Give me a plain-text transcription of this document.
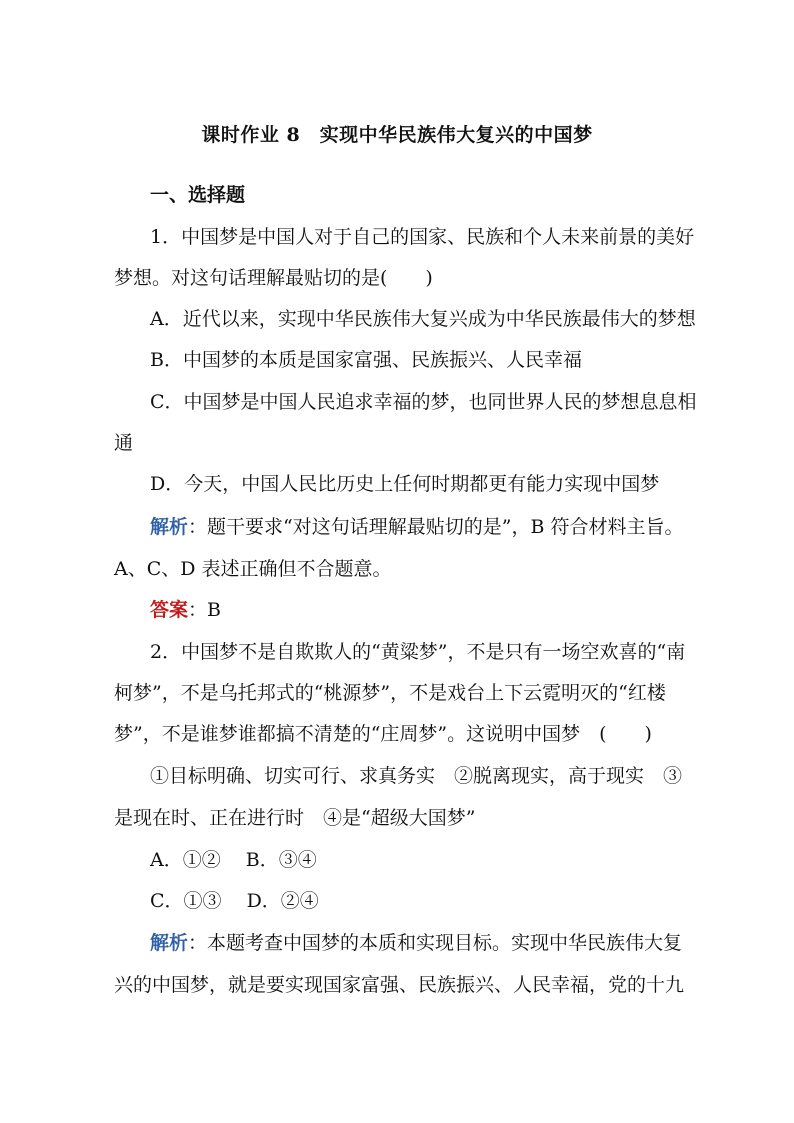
课时作业 8　实现中华民族伟大复兴的中国梦
一、选择题
1．中国梦是中国人对于自己的国家、民族和个人未来前景的美好
梦想。对这句话理解最贴切的是(　　)
A．近代以来，实现中华民族伟大复兴成为中华民族最伟大的梦想
B．中国梦的本质是国家富强、民族振兴、人民幸福
C．中国梦是中国人民追求幸福的梦，也同世界人民的梦想息息相
通
D．今天，中国人民比历史上任何时期都更有能力实现中国梦
解析：题干要求“对这句话理解最贴切的是”，B 符合材料主旨。
A、C、D 表述正确但不合题意。
答案：B
2．中国梦不是自欺欺人的“黄粱梦”，不是只有一场空欢喜的“南
柯梦”，不是乌托邦式的“桃源梦”，不是戏台上下云霓明灭的“红楼
梦”，不是谁梦谁都搞不清楚的“庄周梦”。这说明中国梦　(　　)
①目标明确、切实可行、求真务实　②脱离现实，高于现实　③
是现在时、正在进行时　④是“超级大国梦”
A．①②　 B．③④
C．①③　 D．②④
解析：本题考查中国梦的本质和实现目标。实现中华民族伟大复
兴的中国梦，就是要实现国家富强、民族振兴、人民幸福，党的十九
